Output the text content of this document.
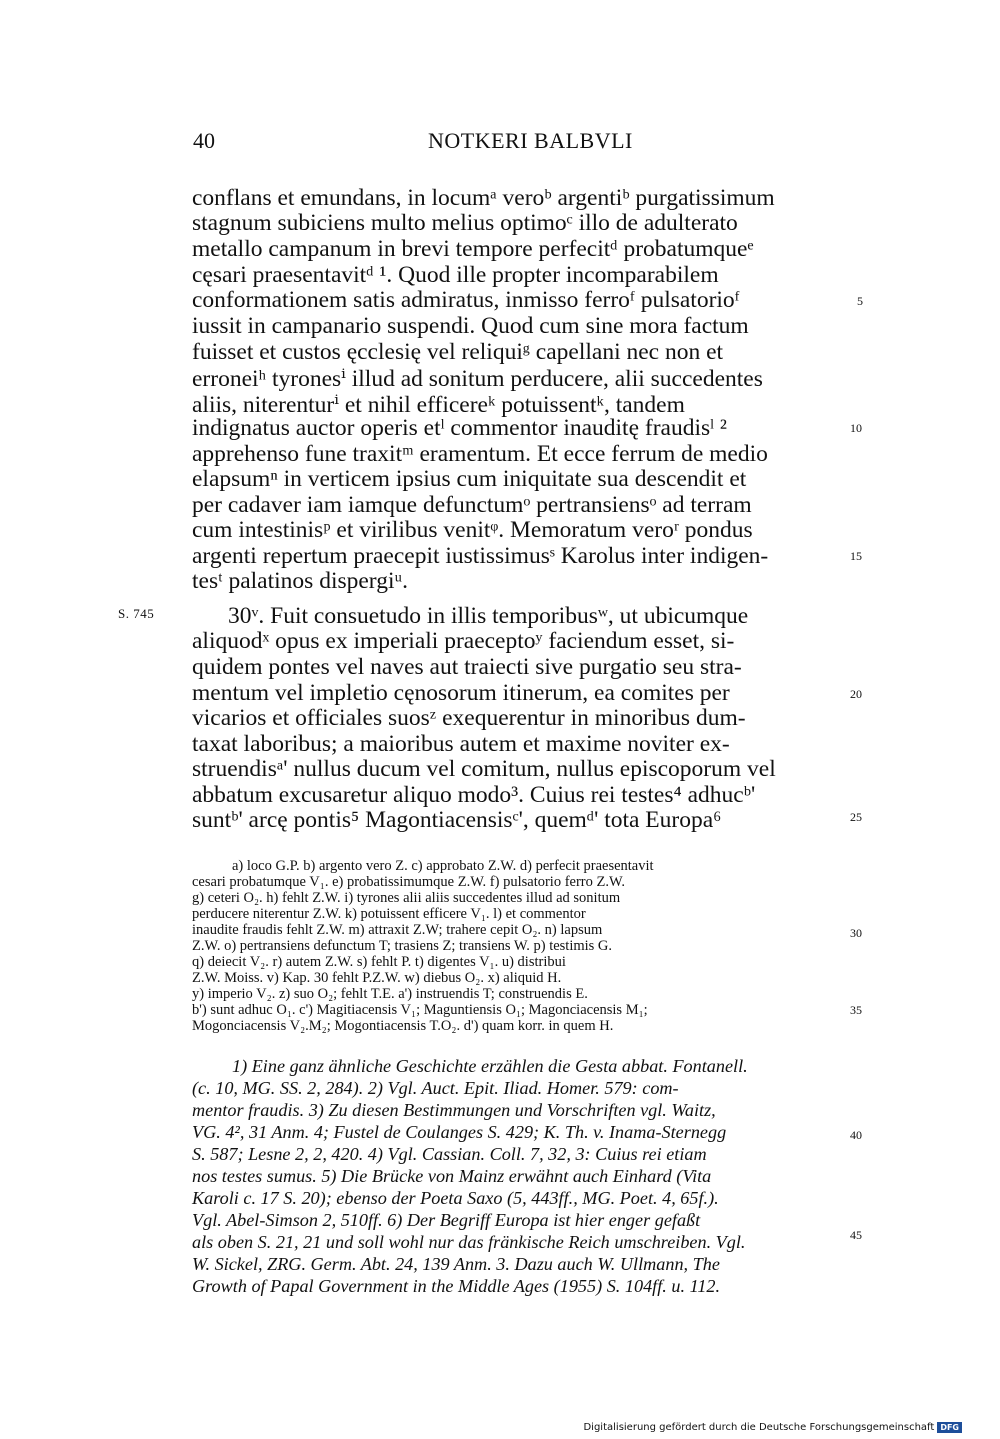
40	NOTKERI BALBVLI
S. 745
conflans et emundans, in locumᵃ veroᵇ argentiᵇ purgatissimum
stagnum subiciens multo melius optimoᶜ illo de adulterato
metallo campanum in brevi tempore perfecitᵈ probatumqueᵉ
cęsari praesentavitᵈ ¹. Quod ille propter incomparabilem
conformationem satis admiratus, inmisso ferroᶠ pulsatorioᶠ
iussit in campanario suspendi. Quod cum sine mora factum
fuisset et custos ęcclesię vel reliquiᵍ capellani nec non et
erroneiʰ tyronesⁱ illud ad sonitum perducere, alii succedentes
aliis, niterenturⁱ et nihil efficereᵏ potuissentᵏ, tandem
indignatus auctor operis etˡ commentor inauditę fraudisˡ ²
apprehenso fune traxitᵐ eramentum. Et ecce ferrum de medio
elapsumⁿ in verticem ipsius cum iniquitate sua descendit et
per cadaver iam iamque defunctumᵒ pertransiensᵒ ad terram
cum intestinisᵖ et virilibus venitᵠ. Memoratum veroʳ pondus
argenti repertum praecepit iustissimusˢ Karolus inter indigen-
tesᵗ palatinos dispergiᵘ.
30ᵛ. Fuit consuetudo in illis temporibusʷ, ut ubicumque
aliquodˣ opus ex imperiali praeceptoʸ faciendum esset, si-
quidem pontes vel naves aut traiecti sive purgatio seu stra-
mentum vel impletio cęnosorum itinerum, ea comites per
vicarios et officiales suosᶻ exequerentur in minoribus dum-
taxat laboribus; a maioribus autem et maxime noviter ex-
struendisᵃ' nullus ducum vel comitum, nullus episcoporum vel
abbatum excusaretur aliquo modo³. Cuius rei testes⁴ adhucᵇ'
suntᵇ' arcę pontis⁵ Magontiacensisᶜ', quemᵈ' tota Europa⁶
a) loco G.P. b) argento vero Z. c) approbato Z.W. d) perfecit praesentavit
cesari probatumque V₁. e) probatissimumque Z.W. f) pulsatorio ferro Z.W.
g) ceteri O₂. h) fehlt Z.W. i) tyrones alii aliis succedentes illud ad sonitum
perducere niterentur Z.W. k) potuissent efficere V₁. l) et commentor
inaudite fraudis fehlt Z.W. m) attraxit Z.W; trahere cepit O₂. n) lapsum
Z.W. o) pertransiens defunctum T; trasiens Z; transiens W. p) testimis G.
q) deiecit V₂. r) autem Z.W. s) fehlt P. t) digentes V₁. u) distribui
Z.W. Moiss. v) Kap. 30 fehlt P.Z.W. w) diebus O₂. x) aliquid H.
y) imperio V₂. z) suo O₂; fehlt T.E. a') instruendis T; construendis E.
b') sunt adhuc O₁. c') Magitiacensis V₁; Maguntiensis O₁; Magonciacensis M₁;
Mogonciacensis V₂.M₂; Mogontiacensis T.O₂. d') quam korr. in quem H.
1) Eine ganz ähnliche Geschichte erzählen die Gesta abbat. Fontanell.
(c. 10, MG. SS. 2, 284). 2) Vgl. Auct. Epit. Iliad. Homer. 579: com-
mentor fraudis. 3) Zu diesen Bestimmungen und Vorschriften vgl. Waitz,
VG. 4², 31 Anm. 4; Fustel de Coulanges S. 429; K. Th. v. Inama-Sternegg
S. 587; Lesne 2, 2, 420. 4) Vgl. Cassian. Coll. 7, 32, 3: Cuius rei etiam
nos testes sumus. 5) Die Brücke von Mainz erwähnt auch Einhard (Vita
Karoli c. 17 S. 20); ebenso der Poeta Saxo (5, 443ff., MG. Poet. 4, 65f.).
Vgl. Abel-Simson 2, 510ff. 6) Der Begriff Europa ist hier enger gefaßt
als oben S. 21, 21 und soll wohl nur das fränkische Reich umschreiben. Vgl.
W. Sickel, ZRG. Germ. Abt. 24, 139 Anm. 3. Dazu auch W. Ullmann, The
Growth of Papal Government in the Middle Ages (1955) S. 104ff. u. 112.
5
10
15
20
25
30
35
40
45
Digitalisierung gefördert durch die Deutsche Forschungsgemeinschaft DFG
